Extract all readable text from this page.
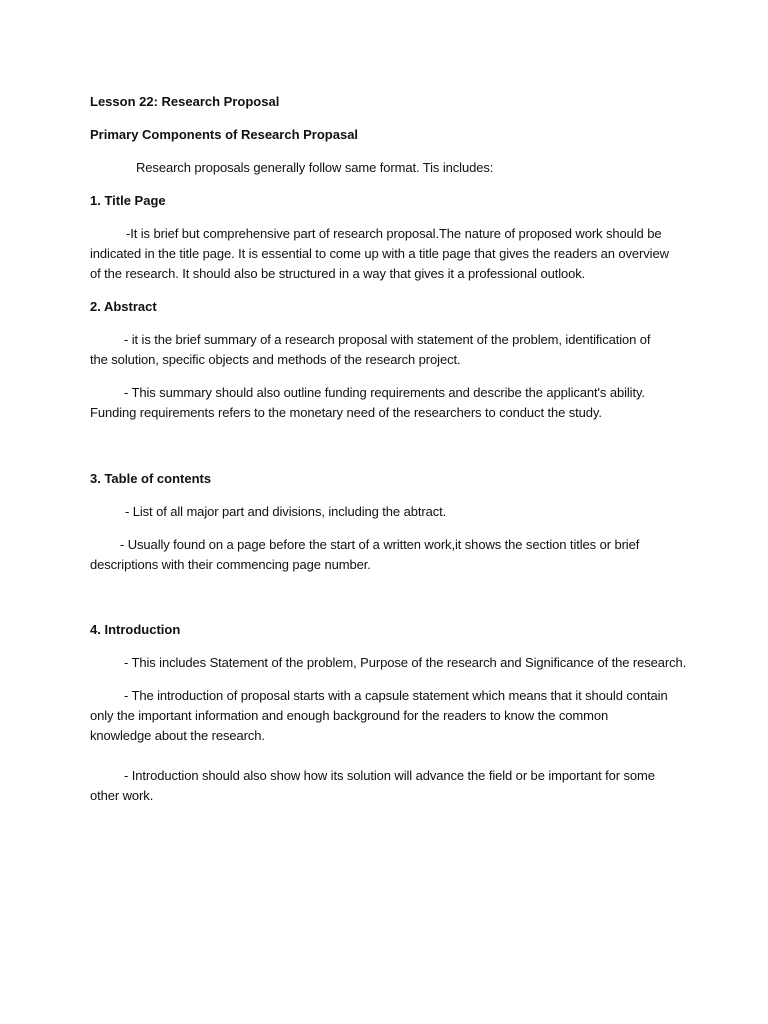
Lesson 22: Research Proposal
Primary Components of Research Propasal
Research proposals generally follow same format. Tis includes:
1. Title Page
-It is brief but comprehensive part of research proposal.The nature of proposed work should be
indicated in the title page. It is essential to come up with a title page that gives the readers an overview
of the research. It should also be structured in a way that gives it a professional outlook.
2. Abstract
- it is the brief summary of a research proposal with statement of the problem, identification of
the solution, specific objects and methods of the research project.
- This summary should also outline funding requirements and describe the applicant's ability.
Funding requirements refers to the monetary need of the researchers to conduct the study.
3. Table of contents
- List of all major part and divisions, including the abtract.
- Usually found on a page before the start of a written work,it shows the section titles or brief
descriptions with their commencing page number.
4. Introduction
- This includes Statement of the problem, Purpose of the research and Significance of the research.
- The introduction of proposal starts with a capsule statement which means that it should contain
only the important information and enough background for the readers to know the common
knowledge about the research.
- Introduction should also show how its solution will advance the field or be important for some
other work.
